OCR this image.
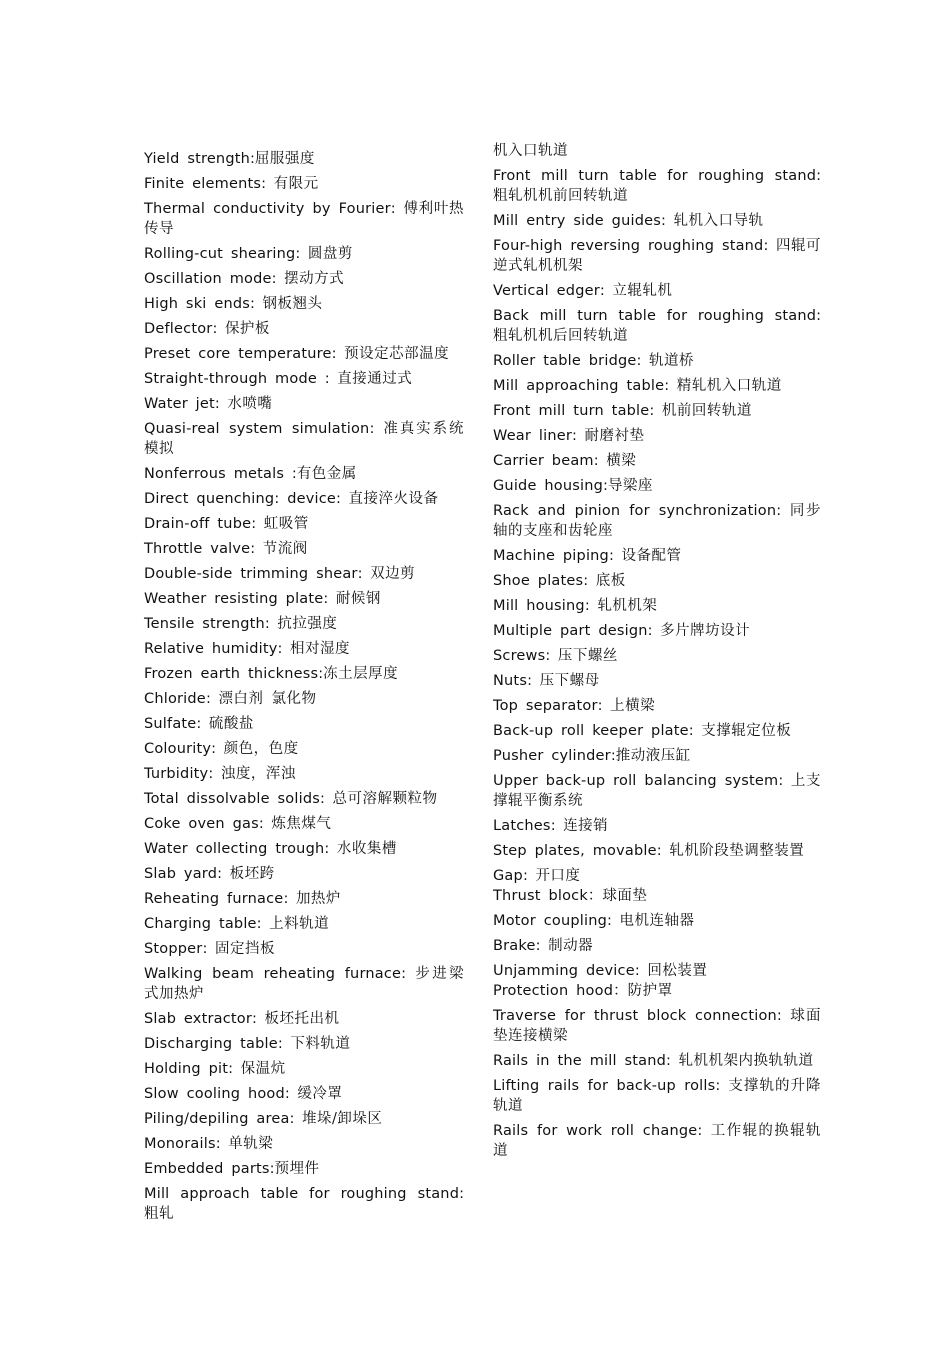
Yield strength:屈服强度
Finite elements: 有限元
Thermal conductivity by Fourier: 傅利叶热传导
Rolling-cut shearing: 圆盘剪
Oscillation mode: 摆动方式
High ski ends: 钢板翘头
Deflector: 保护板
Preset core temperature: 预设定芯部温度
Straight-through mode : 直接通过式
Water jet: 水喷嘴
Quasi-real system simulation: 准真实系统模拟
Nonferrous metals :有色金属
Direct quenching: device: 直接淬火设备
Drain-off tube: 虹吸管
Throttle valve: 节流阀
Double-side trimming shear: 双边剪
Weather resisting plate: 耐候钢
Tensile strength: 抗拉强度
Relative humidity: 相对湿度
Frozen earth thickness:冻土层厚度
Chloride: 漂白剂 氯化物
Sulfate: 硫酸盐
Colourity: 颜色，色度
Turbidity: 浊度，浑浊
Total dissolvable solids: 总可溶解颗粒物
Coke oven gas: 炼焦煤气
Water collecting trough: 水收集槽
Slab yard: 板坯跨
Reheating furnace: 加热炉
Charging table: 上料轨道
Stopper: 固定挡板
Walking beam reheating furnace: 步进梁式加热炉
Slab extractor: 板坯托出机
Discharging table: 下料轨道
Holding pit: 保温炕
Slow cooling hood: 缓冷罩
Piling/depiling area: 堆垛/卸垛区
Monorails: 单轨梁
Embedded parts:预埋件
Mill approach table for roughing stand: 粗轧
机入口轨道
Front mill turn table for roughing stand: 粗轧机机前回转轨道
Mill entry side guides: 轧机入口导轨
Four-high reversing roughing stand: 四辊可逆式轧机机架
Vertical edger: 立辊轧机
Back mill turn table for roughing stand: 粗轧机机后回转轨道
Roller table bridge: 轨道桥
Mill approaching table: 精轧机入口轨道
Front mill turn table: 机前回转轨道
Wear liner: 耐磨衬垫
Carrier beam: 横梁
Guide housing:导梁座
Rack and pinion for synchronization: 同步轴的支座和齿轮座
Machine piping: 设备配管
Shoe plates: 底板
Mill housing: 轧机机架
Multiple part design: 多片牌坊设计
Screws: 压下螺丝
Nuts: 压下螺母
Top separator: 上横梁
Back-up roll keeper plate: 支撑辊定位板
Pusher cylinder:推动液压缸
Upper back-up roll balancing system: 上支撑辊平衡系统
Latches: 连接销
Step plates, movable: 轧机阶段垫调整装置
Gap: 开口度
Thrust block：球面垫
Motor coupling: 电机连轴器
Brake: 制动器
Unjamming device: 回松装置
Protection hood：防护罩
Traverse for thrust block connection: 球面垫连接横梁
Rails in the mill stand: 轧机机架内换轨轨道
Lifting rails for back-up rolls: 支撑轨的升降轨道
Rails for work roll change: 工作辊的换辊轨道
